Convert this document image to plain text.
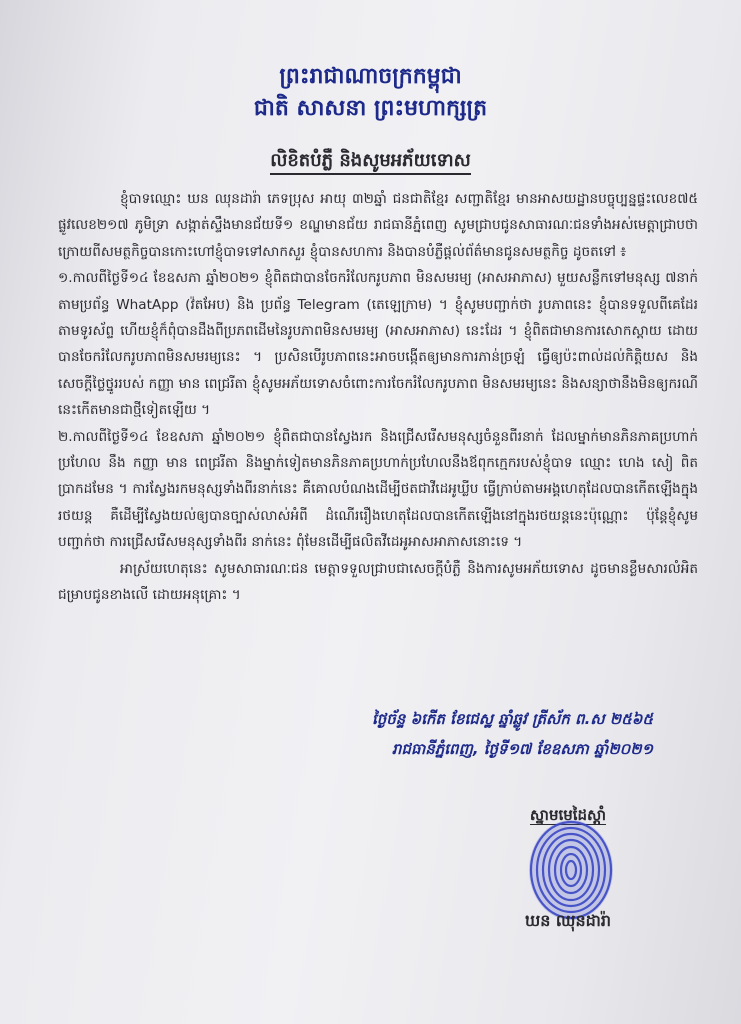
ព្រះរាជាណាចក្រកម្ពុជា
ជាតិ សាសនា ព្រះមហាក្សត្រ
លិខិតបំភ្លឺ និងសូមអភ័យទោស

ខ្ញុំបាទឈ្មោះ ឃន ឈុនដារ៉ា ភេទប្រុស អាយុ ៣២ឆ្នាំ ជនជាតិខ្មែរ សញ្ជាតិខ្មែរ មានអាសយដ្ឋានបច្ចុប្បន្នផ្ទះលេខ៧៥ ផ្លូវលេខ២១៧ ភូមិទ្រា សង្កាត់ស្ទឹងមានជ័យទី១ ខណ្ឌមានជ័យ រាជធានីភ្នំពេញ សូមជ្រាបជូនសាធារណៈជនទាំងអស់មេត្តាជ្រាបថា ក្រោយពីសមត្ថកិច្ចបានកោះហៅខ្ញុំបាទទៅសាកសួរ ខ្ញុំបានសហការ និងបានបំភ្លឺផ្ដល់ព័ត៌មានជូនសមត្ថកិច្ច ដូចតទៅ ៖

១.កាលពីថ្ងៃទី១៤ ខែឧសភា ឆ្នាំ២០២១ ខ្ញុំពិតជាបានចែករំលែករូបភាព មិនសមរម្យ (អាសអាភាស) មួយសន្លឹកទៅមនុស្ស ៧នាក់ តាមប្រព័ន្ធ WhatApp (វ៉តអែប) និង ប្រព័ន្ធ Telegram (តេឡេក្រាម) ។ ខ្ញុំសូមបញ្ជាក់ថា រូបភាពនេះ ខ្ញុំបានទទួលពីគេដែរ តាមទូរស័ព្ទ ហើយខ្ញុំក៏ពុំបានដឹងពីប្រភពដើមនៃរូបភាពមិនសមរម្យ (អាសអាភាស) នេះដែរ ។ ខ្ញុំពិតជាមានការសោកស្ដាយ ដោយបានចែករំលែករូបភាពមិនសមរម្យនេះ ។ ប្រសិនបើរូបភាពនេះអាចបង្កើតឲ្យមានការភាន់ច្រឡំ ធ្វើឲ្យប៉ះពាល់ដល់កិត្តិយស និងសេចក្ដីថ្លៃថ្នូររបស់ កញ្ញា មាន ពេជ្ររីតា ខ្ញុំសូមអភ័យទោសចំពោះការចែករំលែករូបភាព មិនសមរម្យនេះ និងសន្យាថានឹងមិនឲ្យករណីនេះកើតមានជាថ្មីទៀតឡើយ ។

២.កាលពីថ្ងៃទី១៤ ខែឧសភា ឆ្នាំ២០២១ ខ្ញុំពិតជាបានស្វែងរក និងជ្រើសរើសមនុស្សចំនួនពីរនាក់ ដែលម្នាក់មានភិនភាគប្រហាក់ប្រហែល នឹង កញ្ញា មាន ពេជ្ររីតា និងម្នាក់ទៀតមានភិនភាគប្រហាក់ប្រហែលនឹងឪពុកក្មេករបស់ខ្ញុំបាទ ឈ្មោះ ហេង សៀ ពិតប្រាកដមែន ។ ការស្វែងរកមនុស្សទាំងពីរនាក់នេះ គឺគោលបំណងដើម្បីថតជាវីដេអូឃ្លីប ធ្វើក្រាប់តាមអង្គហេតុដែលបានកើតឡើងក្នុងរថយន្ត គឺដើម្បីស្វែងយល់ឲ្យបានច្បាស់លាស់អំពី ដំណើររឿងហេតុដែលបានកើតឡើងនៅក្នុងរថយន្តនេះប៉ុណ្ណោះ ប៉ុន្តែខ្ញុំសូមបញ្ជាក់ថា ការជ្រើសរើសមនុស្សទាំងពីរ នាក់នេះ ពុំមែនដើម្បីផលិតវីដេអូអាសអាភាសនោះទេ ។

អាស្រ័យហេតុនេះ សូមសាធារណៈជន មេត្តាទទួលជ្រាបជាសេចក្ដីបំភ្លឺ និងការសូមអភ័យទោស ដូចមានខ្លឹមសារលំអិតជម្រាបជូនខាងលើ ដោយអនុគ្រោះ ។

ថ្ងៃច័ន្ទ ៦កើត ខែជេស្ឋ ឆ្នាំឆ្លូវ ត្រីស័ក ព.ស ២៥៦៥
រាជធានីភ្នំពេញ, ថ្ងៃទី១៧ ខែឧសភា ឆ្នាំ២០២១
ស្នាមមេដៃស្ដាំ
ឃន ឈុនដារ៉ា
